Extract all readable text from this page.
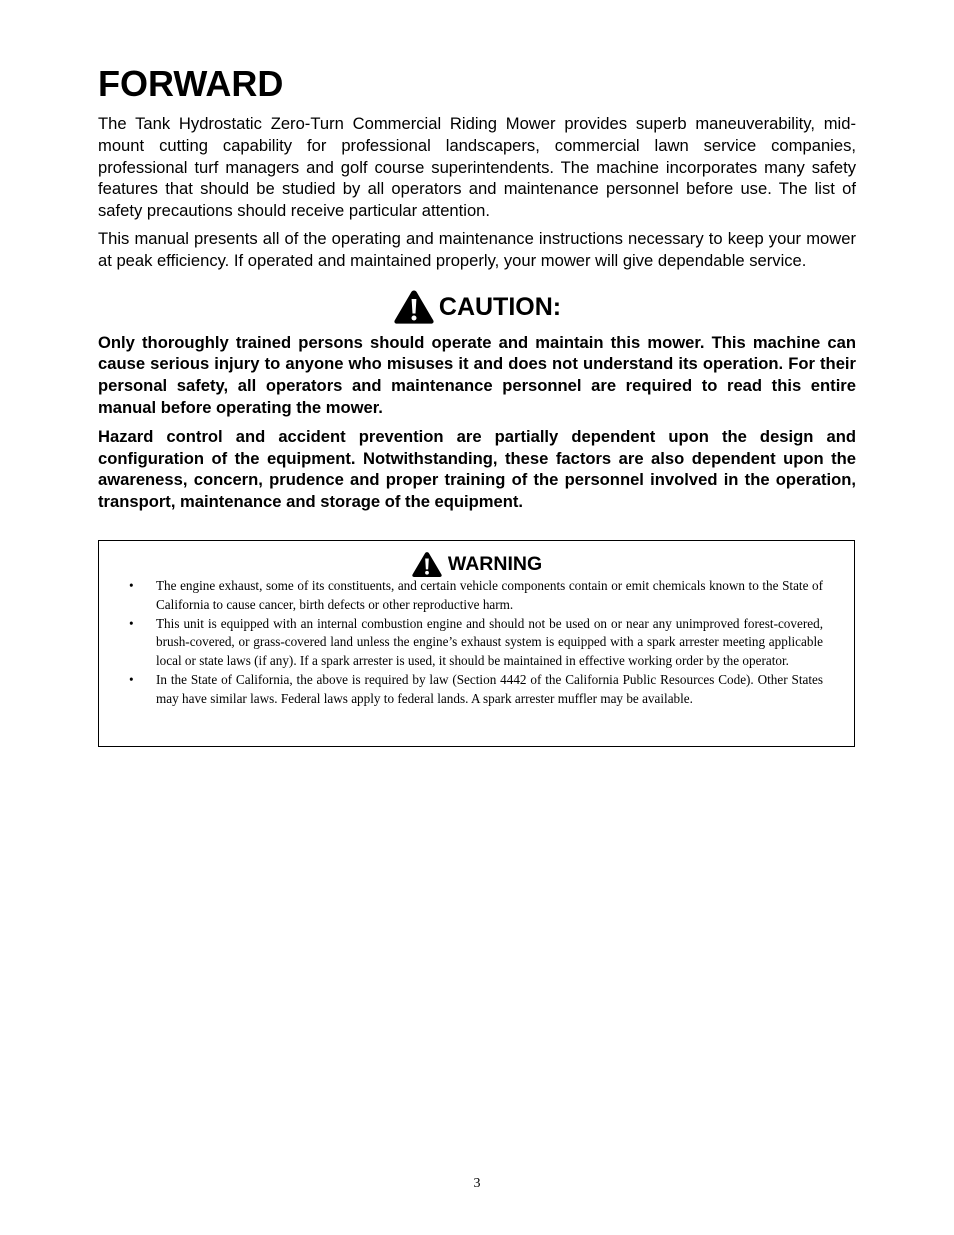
FORWARD

The Tank Hydrostatic Zero-Turn Commercial Riding Mower provides superb maneuverability, mid-mount cutting capability for professional landscapers, commercial lawn service companies, professional turf managers and golf course superintendents. The machine incorporates many safety features that should be studied by all operators and maintenance personnel before use. The list of safety precautions should receive particular attention.

This manual presents all of the operating and maintenance instructions necessary to keep your mower at peak efficiency. If operated and maintained properly, your mower will give dependable service.

CAUTION:

Only thoroughly trained persons should operate and maintain this mower. This machine can cause serious injury to anyone who misuses it and does not understand its operation. For their personal safety, all operators and maintenance personnel are required to read this entire manual before operating the mower.

Hazard control and accident prevention are partially dependent upon the design and configuration of the equipment. Notwithstanding, these factors are also dependent upon the awareness, concern, prudence and proper training of the personnel involved in the operation, transport, maintenance and storage of the equipment.

WARNING
• The engine exhaust, some of its constituents, and certain vehicle components contain or emit chemicals known to the State of California to cause cancer, birth defects or other reproductive harm.
• This unit is equipped with an internal combustion engine and should not be used on or near any unimproved forest-covered, brush-covered, or grass-covered land unless the engine’s exhaust system is equipped with a spark arrester meeting applicable local or state laws (if any). If a spark arrester is used, it should be maintained in effective working order by the operator.
• In the State of California, the above is required by law (Section 4442 of the California Public Resources Code). Other States may have similar laws. Federal laws apply to federal lands. A spark arrester muffler may be available.
3
